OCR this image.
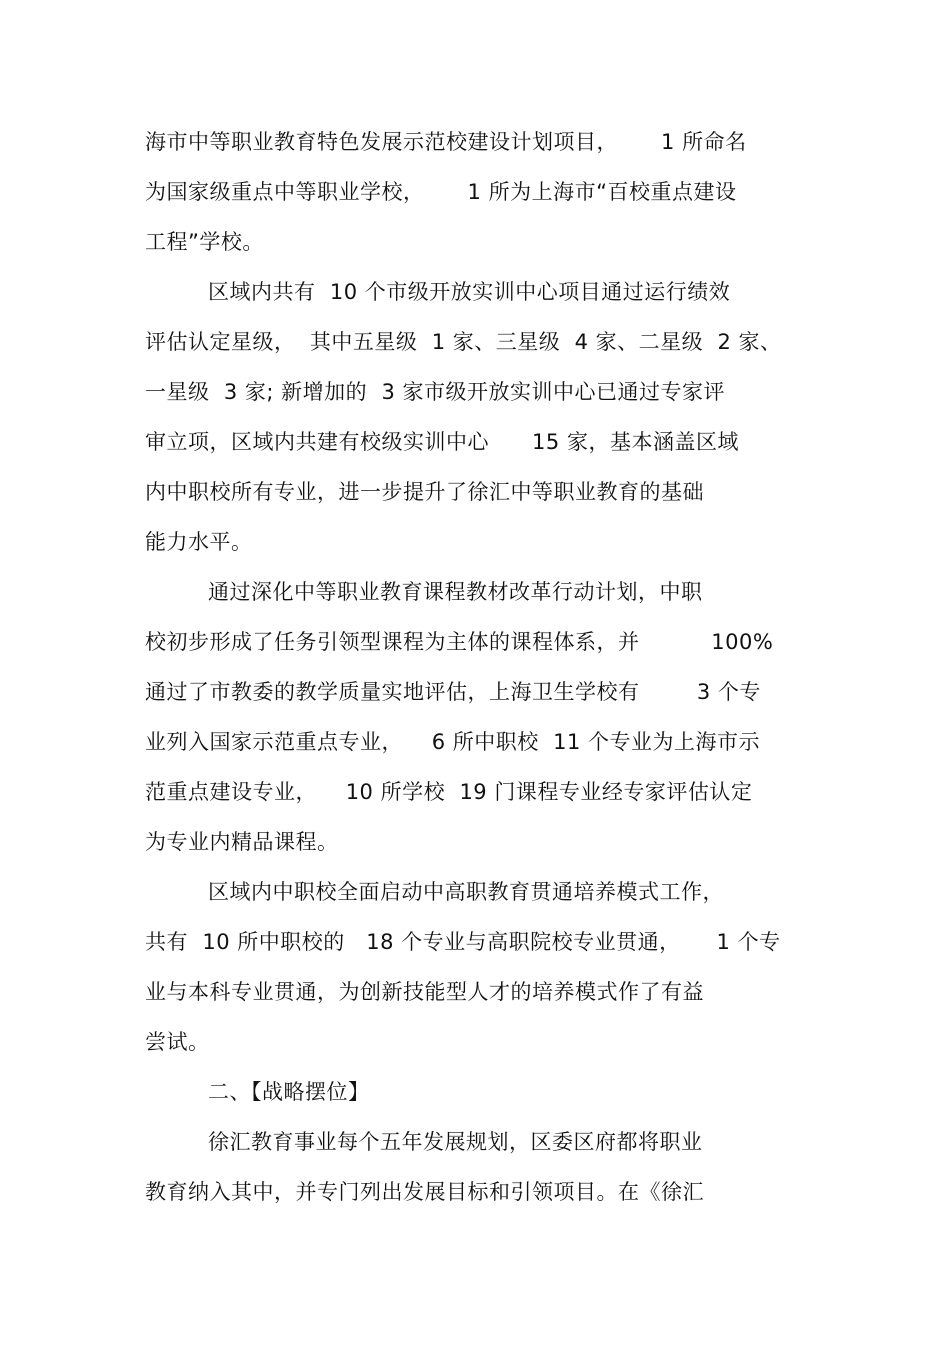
海市中等职业教育特色发展示范校建设计划项目，      1 所命名
为国家级重点中等职业学校，      1 所为上海市“百校重点建设
工程”学校。
区域内共有  10 个市级开放实训中心项目通过运行绩效
评估认定星级，  其中五星级  1 家、三星级  4 家、二星级  2 家、
一星级  3 家; 新增加的  3 家市级开放实训中心已通过专家评
审立项，区域内共建有校级实训中心      15 家，基本涵盖区域
内中职校所有专业，进一步提升了徐汇中等职业教育的基础
能力水平。
通过深化中等职业教育课程教材改革行动计划，中职
校初步形成了任务引领型课程为主体的课程体系，并          100%
通过了市教委的教学质量实地评估，上海卫生学校有        3 个专
业列入国家示范重点专业，    6 所中职校  11 个专业为上海市示
范重点建设专业，    10 所学校  19 门课程专业经专家评估认定
为专业内精品课程。
区域内中职校全面启动中高职教育贯通培养模式工作，
共有  10 所中职校的   18 个专业与高职院校专业贯通，     1 个专
业与本科专业贯通，为创新技能型人才的培养模式作了有益
尝试。
二、【战略摆位】
徐汇教育事业每个五年发展规划，区委区府都将职业
教育纳入其中，并专门列出发展目标和引领项目。在《徐汇
